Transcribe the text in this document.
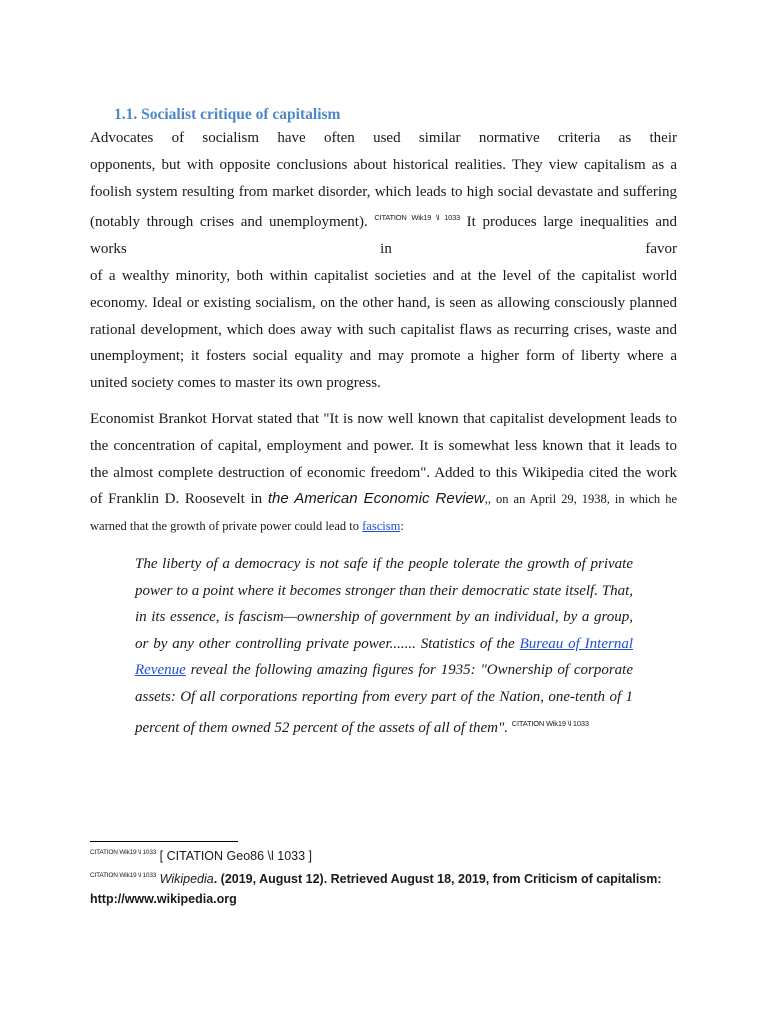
1.1. Socialist critique of capitalism
Advocates of socialism have often used similar normative criteria as their
opponents, but with opposite conclusions about historical realities. They view capitalism as a
foolish system resulting from market disorder, which leads to high social devastate and suffering
(notably through crises and unemployment). $^{CITATION Wik19 \backslash l 1033}$ It produces large inequalities and
works in favor
of a wealthy minority, both within capitalist societies and at the level of the capitalist world
economy. Ideal or existing socialism, on the other hand, is seen as allowing consciously planned
rational development, which does away with such capitalist flaws as recurring crises, waste and
unemployment; it fosters social equality and may promote a higher form of liberty where a
united society comes to master its own progress.
Economist Brankot Horvat stated that "It is now well known that capitalist development leads to
the concentration of capital, employment and power. It is somewhat less known that it leads to
the almost complete destruction of economic freedom". Added to this Wikipedia cited the work
of Franklin D. Roosevelt in the American Economic Review,, on an April 29, 1938, in which he
warned that the growth of private power could lead to fascism:

The liberty of a democracy is not safe if the people tolerate the growth of private power to a point where it becomes stronger than their democratic state itself. That, in its essence, is fascism—ownership of government by an individual, by a group, or by any other controlling private power....... Statistics of the Bureau of Internal Revenue reveal the following amazing figures for 1935: "Ownership of corporate assets: Of all corporations reporting from every part of the Nation, one-tenth of 1 percent of them owned 52 percent of the assets of all of them". $^{CITATION Wik19 \backslash l 1033}$

$^{CITATION Wik19 \backslash l 1033}$ [ CITATION Geo86 \l 1033 ]
$^{CITATION Wik19 \backslash l 1033}$ Wikipedia. (2019, August 12). Retrieved August 18, 2019, from Criticism of capitalism:
http://www.wikipedia.org
